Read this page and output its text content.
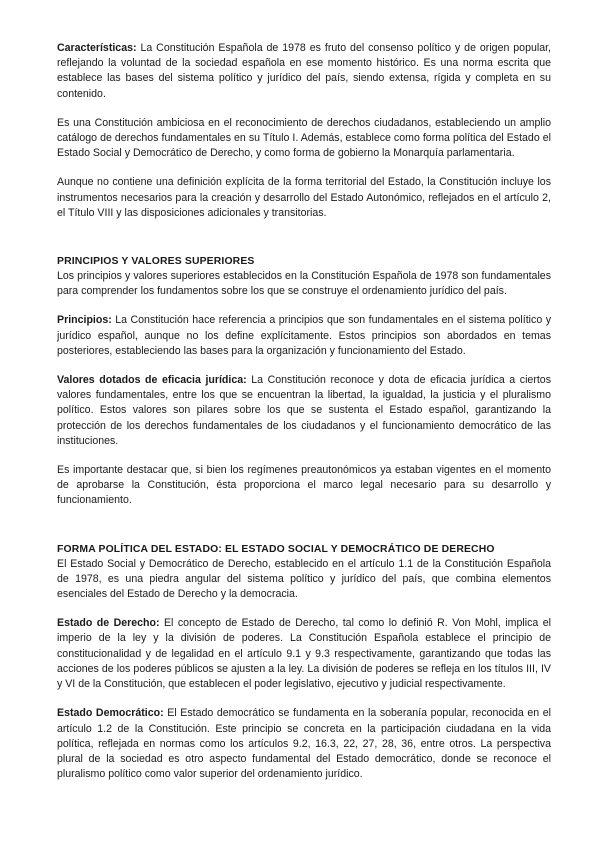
Características: La Constitución Española de 1978 es fruto del consenso político y de origen popular, reflejando la voluntad de la sociedad española en ese momento histórico. Es una norma escrita que establece las bases del sistema político y jurídico del país, siendo extensa, rígida y completa en su contenido.

Es una Constitución ambiciosa en el reconocimiento de derechos ciudadanos, estableciendo un amplio catálogo de derechos fundamentales en su Título I. Además, establece como forma política del Estado el Estado Social y Democrático de Derecho, y como forma de gobierno la Monarquía parlamentaria.

Aunque no contiene una definición explícita de la forma territorial del Estado, la Constitución incluye los instrumentos necesarios para la creación y desarrollo del Estado Autonómico, reflejados en el artículo 2, el Título VIII y las disposiciones adicionales y transitorias.

PRINCIPIOS Y VALORES SUPERIORES

Los principios y valores superiores establecidos en la Constitución Española de 1978 son fundamentales para comprender los fundamentos sobre los que se construye el ordenamiento jurídico del país.

Principios: La Constitución hace referencia a principios que son fundamentales en el sistema político y jurídico español, aunque no los define explícitamente. Estos principios son abordados en temas posteriores, estableciendo las bases para la organización y funcionamiento del Estado.

Valores dotados de eficacia jurídica: La Constitución reconoce y dota de eficacia jurídica a ciertos valores fundamentales, entre los que se encuentran la libertad, la igualdad, la justicia y el pluralismo político. Estos valores son pilares sobre los que se sustenta el Estado español, garantizando la protección de los derechos fundamentales de los ciudadanos y el funcionamiento democrático de las instituciones.

Es importante destacar que, si bien los regímenes preautonómicos ya estaban vigentes en el momento de aprobarse la Constitución, ésta proporciona el marco legal necesario para su desarrollo y funcionamiento.

FORMA POLÍTICA DEL ESTADO: EL ESTADO SOCIAL Y DEMOCRÁTICO DE DERECHO

El Estado Social y Democrático de Derecho, establecido en el artículo 1.1 de la Constitución Española de 1978, es una piedra angular del sistema político y jurídico del país, que combina elementos esenciales del Estado de Derecho y la democracia.

Estado de Derecho: El concepto de Estado de Derecho, tal como lo definió R. Von Mohl, implica el imperio de la ley y la división de poderes. La Constitución Española establece el principio de constitucionalidad y de legalidad en el artículo 9.1 y 9.3 respectivamente, garantizando que todas las acciones de los poderes públicos se ajusten a la ley. La división de poderes se refleja en los títulos III, IV y VI de la Constitución, que establecen el poder legislativo, ejecutivo y judicial respectivamente.

Estado Democrático: El Estado democrático se fundamenta en la soberanía popular, reconocida en el artículo 1.2 de la Constitución. Este principio se concreta en la participación ciudadana en la vida política, reflejada en normas como los artículos 9.2, 16.3, 22, 27, 28, 36, entre otros. La perspectiva plural de la sociedad es otro aspecto fundamental del Estado democrático, donde se reconoce el pluralismo político como valor superior del ordenamiento jurídico.
